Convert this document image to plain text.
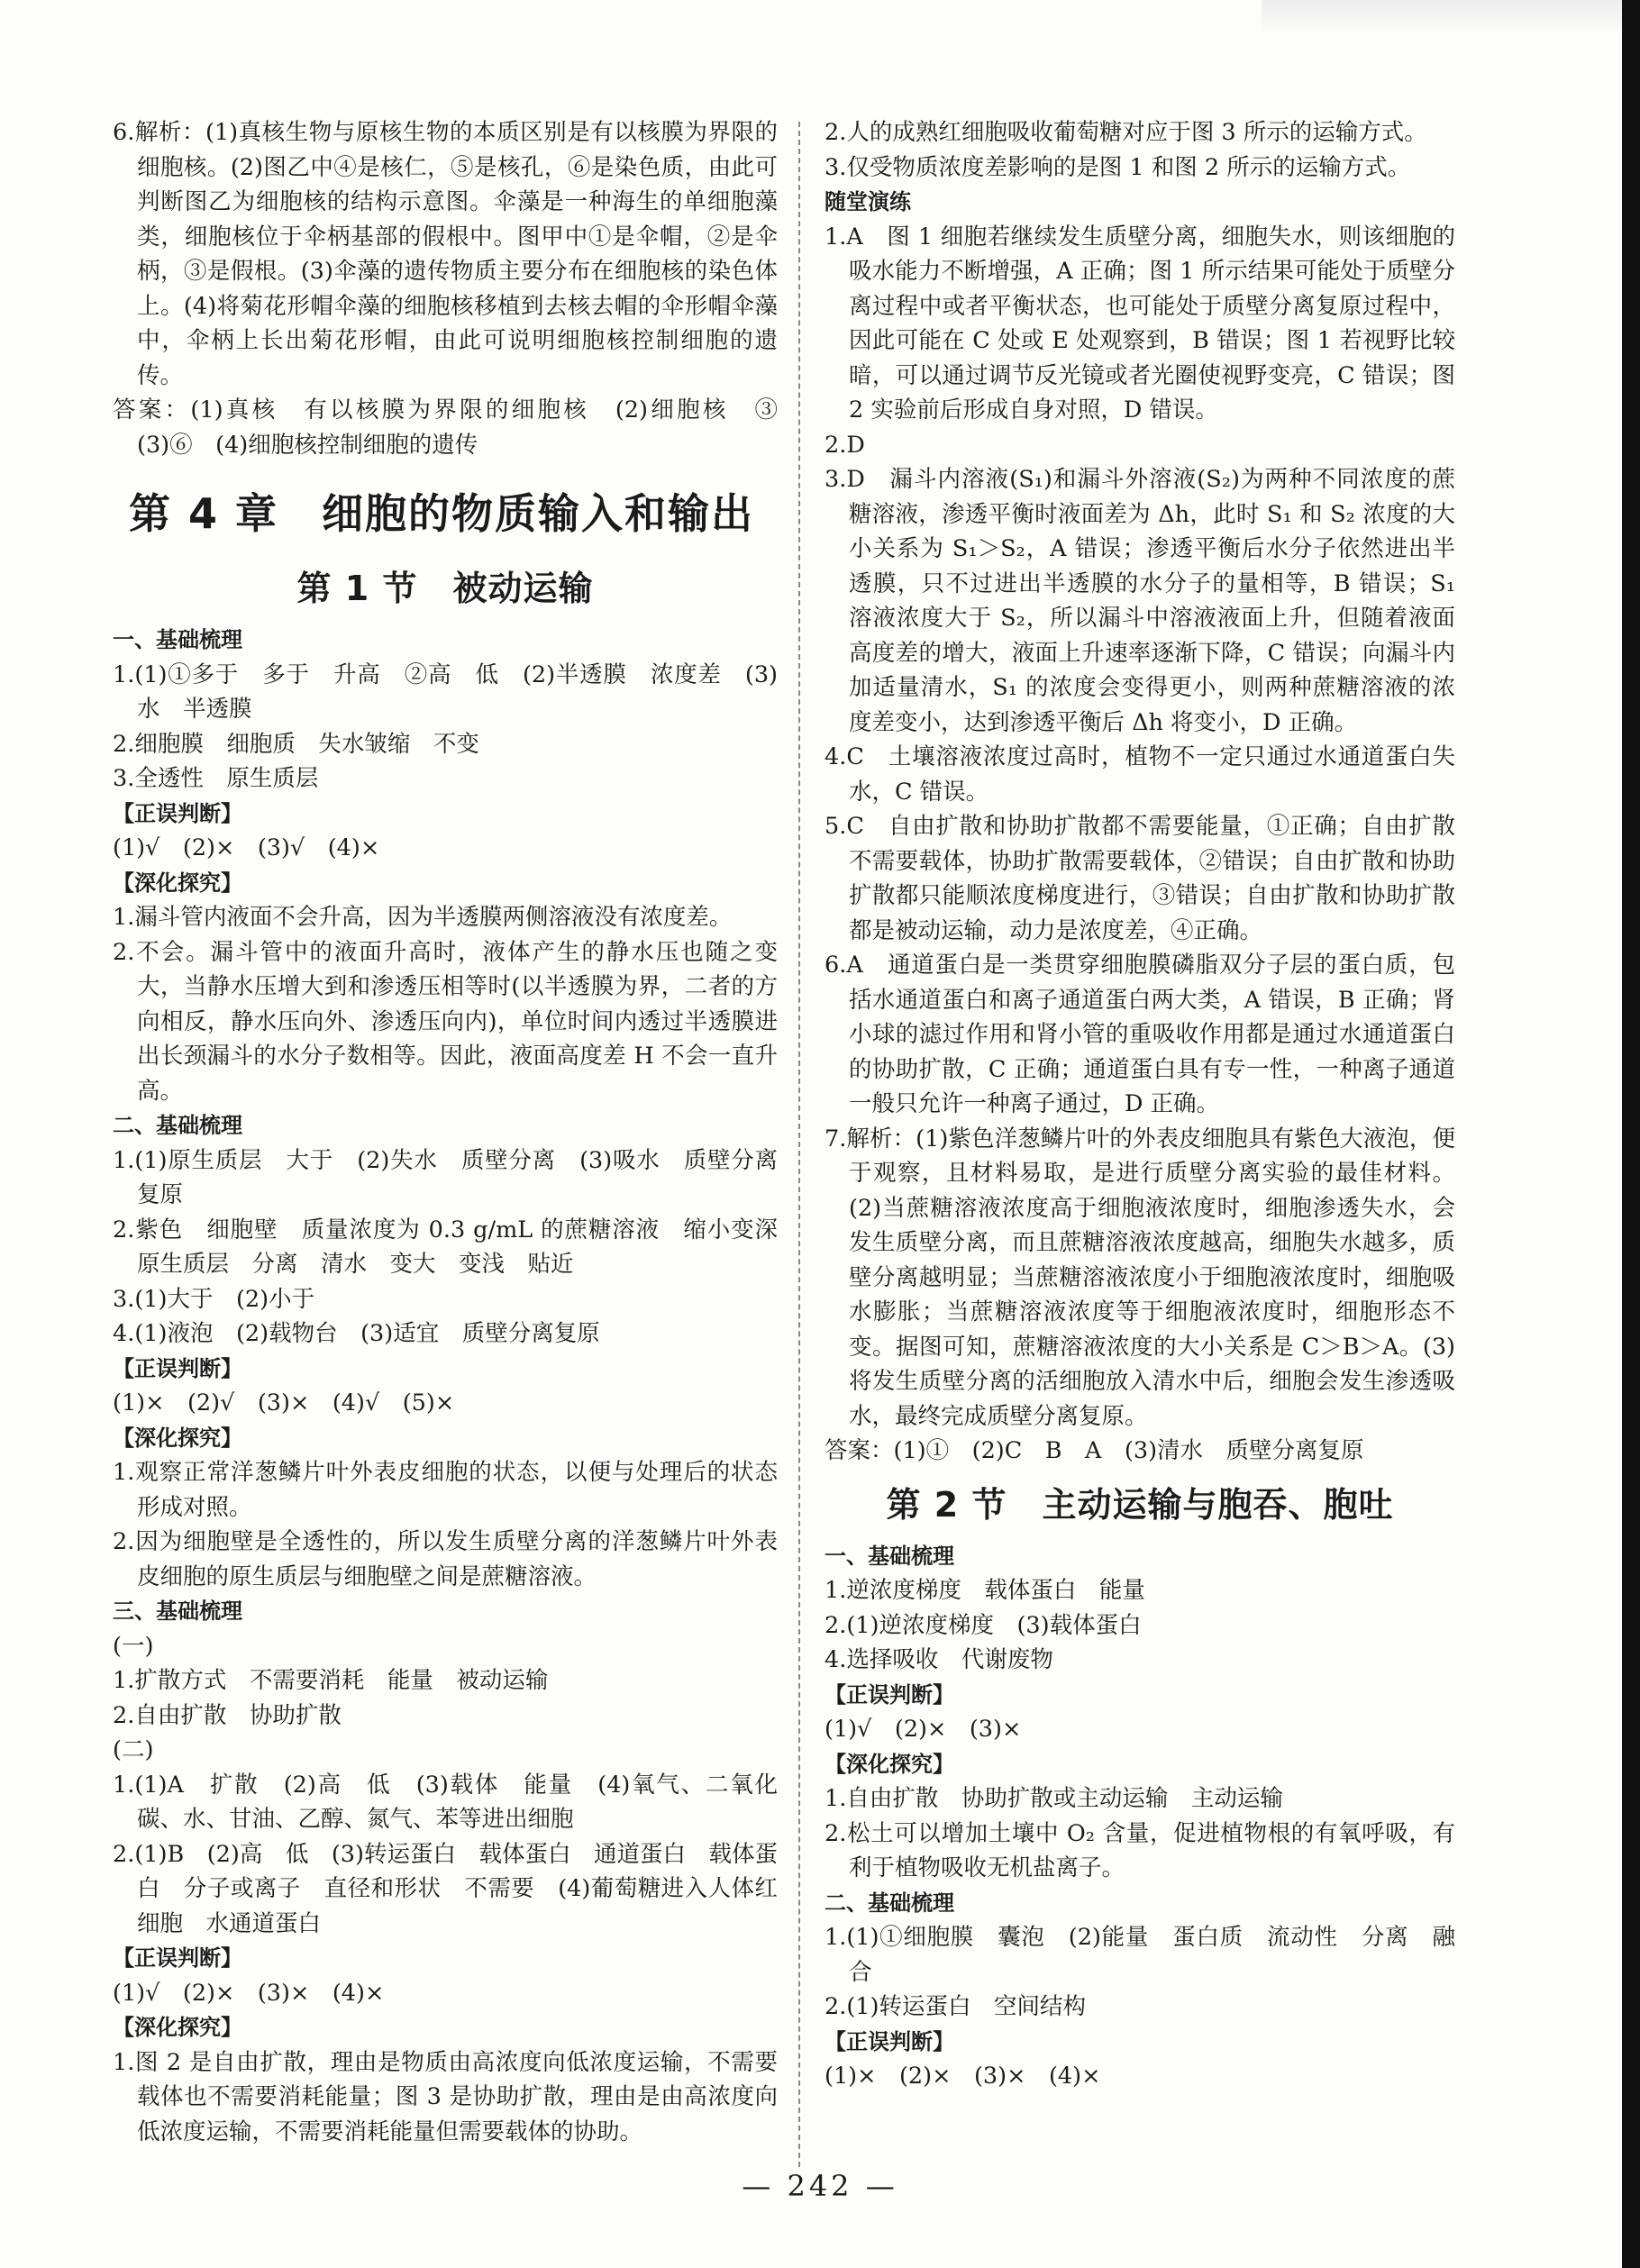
6.解析：(1)真核生物与原核生物的本质区别是有以核膜为界限的细胞核。(2)图乙中④是核仁，⑤是核孔，⑥是染色质，由此可判断图乙为细胞核的结构示意图。伞藻是一种海生的单细胞藻类，细胞核位于伞柄基部的假根中。图甲中①是伞帽，②是伞柄，③是假根。(3)伞藻的遗传物质主要分布在细胞核的染色体上。(4)将菊花形帽伞藻的细胞核移植到去核去帽的伞形帽伞藻中，伞柄上长出菊花形帽，由此可说明细胞核控制细胞的遗传。

答案：(1)真核　有以核膜为界限的细胞核　(2)细胞核　③　(3)⑥　(4)细胞核控制细胞的遗传

第 4 章　细胞的物质输入和输出

第 1 节　被动运输

一、基础梳理

1.(1)①多于　多于　升高　②高　低　(2)半透膜　浓度差　(3)水　半透膜

2.细胞膜　细胞质　失水皱缩　不变

3.全透性　原生质层

【正误判断】

(1)√　(2)×　(3)√　(4)×

【深化探究】

1.漏斗管内液面不会升高，因为半透膜两侧溶液没有浓度差。

2.不会。漏斗管中的液面升高时，液体产生的静水压也随之变大，当静水压增大到和渗透压相等时(以半透膜为界，二者的方向相反，静水压向外、渗透压向内)，单位时间内透过半透膜进出长颈漏斗的水分子数相等。因此，液面高度差 H 不会一直升高。

二、基础梳理

1.(1)原生质层　大于　(2)失水　质壁分离　(3)吸水　质壁分离复原

2.紫色　细胞壁　质量浓度为 0.3 g/mL 的蔗糖溶液　缩小变深　原生质层　分离　清水　变大　变浅　贴近

3.(1)大于　(2)小于

4.(1)液泡　(2)载物台　(3)适宜　质壁分离复原

【正误判断】

(1)×　(2)√　(3)×　(4)√　(5)×

【深化探究】

1.观察正常洋葱鳞片叶外表皮细胞的状态，以便与处理后的状态形成对照。

2.因为细胞壁是全透性的，所以发生质壁分离的洋葱鳞片叶外表皮细胞的原生质层与细胞壁之间是蔗糖溶液。

三、基础梳理

(一)

1.扩散方式　不需要消耗　能量　被动运输

2.自由扩散　协助扩散

(二)

1.(1)A　扩散　(2)高　低　(3)载体　能量　(4)氧气、二氧化碳、水、甘油、乙醇、氮气、苯等进出细胞

2.(1)B　(2)高　低　(3)转运蛋白　载体蛋白　通道蛋白　载体蛋白　分子或离子　直径和形状　不需要　(4)葡萄糖进入人体红细胞　水通道蛋白

【正误判断】

(1)√　(2)×　(3)×　(4)×

【深化探究】

1.图 2 是自由扩散，理由是物质由高浓度向低浓度运输，不需要载体也不需要消耗能量；图 3 是协助扩散，理由是由高浓度向低浓度运输，不需要消耗能量但需要载体的协助。

2.人的成熟红细胞吸收葡萄糖对应于图 3 所示的运输方式。

3.仅受物质浓度差影响的是图 1 和图 2 所示的运输方式。

随堂演练

1.A　图 1 细胞若继续发生质壁分离，细胞失水，则该细胞的吸水能力不断增强，A 正确；图 1 所示结果可能处于质壁分离过程中或者平衡状态，也可能处于质壁分离复原过程中，因此可能在 C 处或 E 处观察到，B 错误；图 1 若视野比较暗，可以通过调节反光镜或者光圈使视野变亮，C 错误；图 2 实验前后形成自身对照，D 错误。

2.D

3.D　漏斗内溶液(S₁)和漏斗外溶液(S₂)为两种不同浓度的蔗糖溶液，渗透平衡时液面差为 Δh，此时 S₁ 和 S₂ 浓度的大小关系为 S₁＞S₂，A 错误；渗透平衡后水分子依然进出半透膜，只不过进出半透膜的水分子的量相等，B 错误；S₁ 溶液浓度大于 S₂，所以漏斗中溶液液面上升，但随着液面高度差的增大，液面上升速率逐渐下降，C 错误；向漏斗内加适量清水，S₁ 的浓度会变得更小，则两种蔗糖溶液的浓度差变小，达到渗透平衡后 Δh 将变小，D 正确。

4.C　土壤溶液浓度过高时，植物不一定只通过水通道蛋白失水，C 错误。

5.C　自由扩散和协助扩散都不需要能量，①正确；自由扩散不需要载体，协助扩散需要载体，②错误；自由扩散和协助扩散都只能顺浓度梯度进行，③错误；自由扩散和协助扩散都是被动运输，动力是浓度差，④正确。

6.A　通道蛋白是一类贯穿细胞膜磷脂双分子层的蛋白质，包括水通道蛋白和离子通道蛋白两大类，A 错误，B 正确；肾小球的滤过作用和肾小管的重吸收作用都是通过水通道蛋白的协助扩散，C 正确；通道蛋白具有专一性，一种离子通道一般只允许一种离子通过，D 正确。

7.解析：(1)紫色洋葱鳞片叶的外表皮细胞具有紫色大液泡，便于观察，且材料易取，是进行质壁分离实验的最佳材料。(2)当蔗糖溶液浓度高于细胞液浓度时，细胞渗透失水，会发生质壁分离，而且蔗糖溶液浓度越高，细胞失水越多，质壁分离越明显；当蔗糖溶液浓度小于细胞液浓度时，细胞吸水膨胀；当蔗糖溶液浓度等于细胞液浓度时，细胞形态不变。据图可知，蔗糖溶液浓度的大小关系是 C＞B＞A。(3)将发生质壁分离的活细胞放入清水中后，细胞会发生渗透吸水，最终完成质壁分离复原。

答案：(1)①　(2)C　B　A　(3)清水　质壁分离复原

第 2 节　主动运输与胞吞、胞吐

一、基础梳理

1.逆浓度梯度　载体蛋白　能量

2.(1)逆浓度梯度　(3)载体蛋白

4.选择吸收　代谢废物

【正误判断】

(1)√　(2)×　(3)×

【深化探究】

1.自由扩散　协助扩散或主动运输　主动运输

2.松土可以增加土壤中 O₂ 含量，促进植物根的有氧呼吸，有利于植物吸收无机盐离子。

二、基础梳理

1.(1)①细胞膜　囊泡　(2)能量　蛋白质　流动性　分离　融合

2.(1)转运蛋白　空间结构

【正误判断】

(1)×　(2)×　(3)×　(4)×

— 242 —
